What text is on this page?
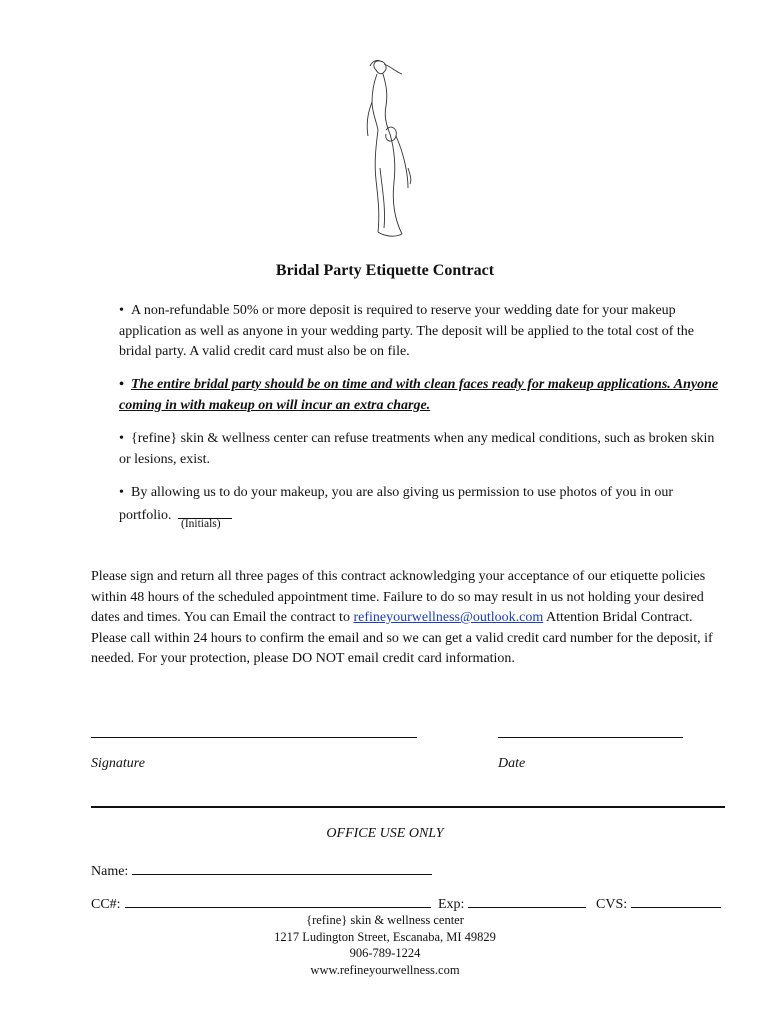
Bridal Party Etiquette Contract
• A non-refundable 50% or more deposit is required to reserve your wedding date for your makeup application as well as anyone in your wedding party. The deposit will be applied to the total cost of the bridal party. A valid credit card must also be on file.
• The entire bridal party should be on time and with clean faces ready for makeup applications. Anyone coming in with makeup on will incur an extra charge.
• {refine} skin & wellness center can refuse treatments when any medical conditions, such as broken skin or lesions, exist.
• By allowing us to do your makeup, you are also giving us permission to use photos of you in our portfolio.
(Initials)
Please sign and return all three pages of this contract acknowledging your acceptance of our etiquette policies within 48 hours of the scheduled appointment time. Failure to do so may result in us not holding your desired dates and times. You can Email the contract to refineyourwellness@outlook.com Attention Bridal Contract. Please call within 24 hours to confirm the email and so we can get a valid credit card number for the deposit, if needed. For your protection, please DO NOT email credit card information.
Signature	Date
OFFICE USE ONLY
Name:
CC#:	Exp:	CVS:
{refine} skin & wellness center
1217 Ludington Street, Escanaba, MI 49829
906-789-1224
www.refineyourwellness.com
